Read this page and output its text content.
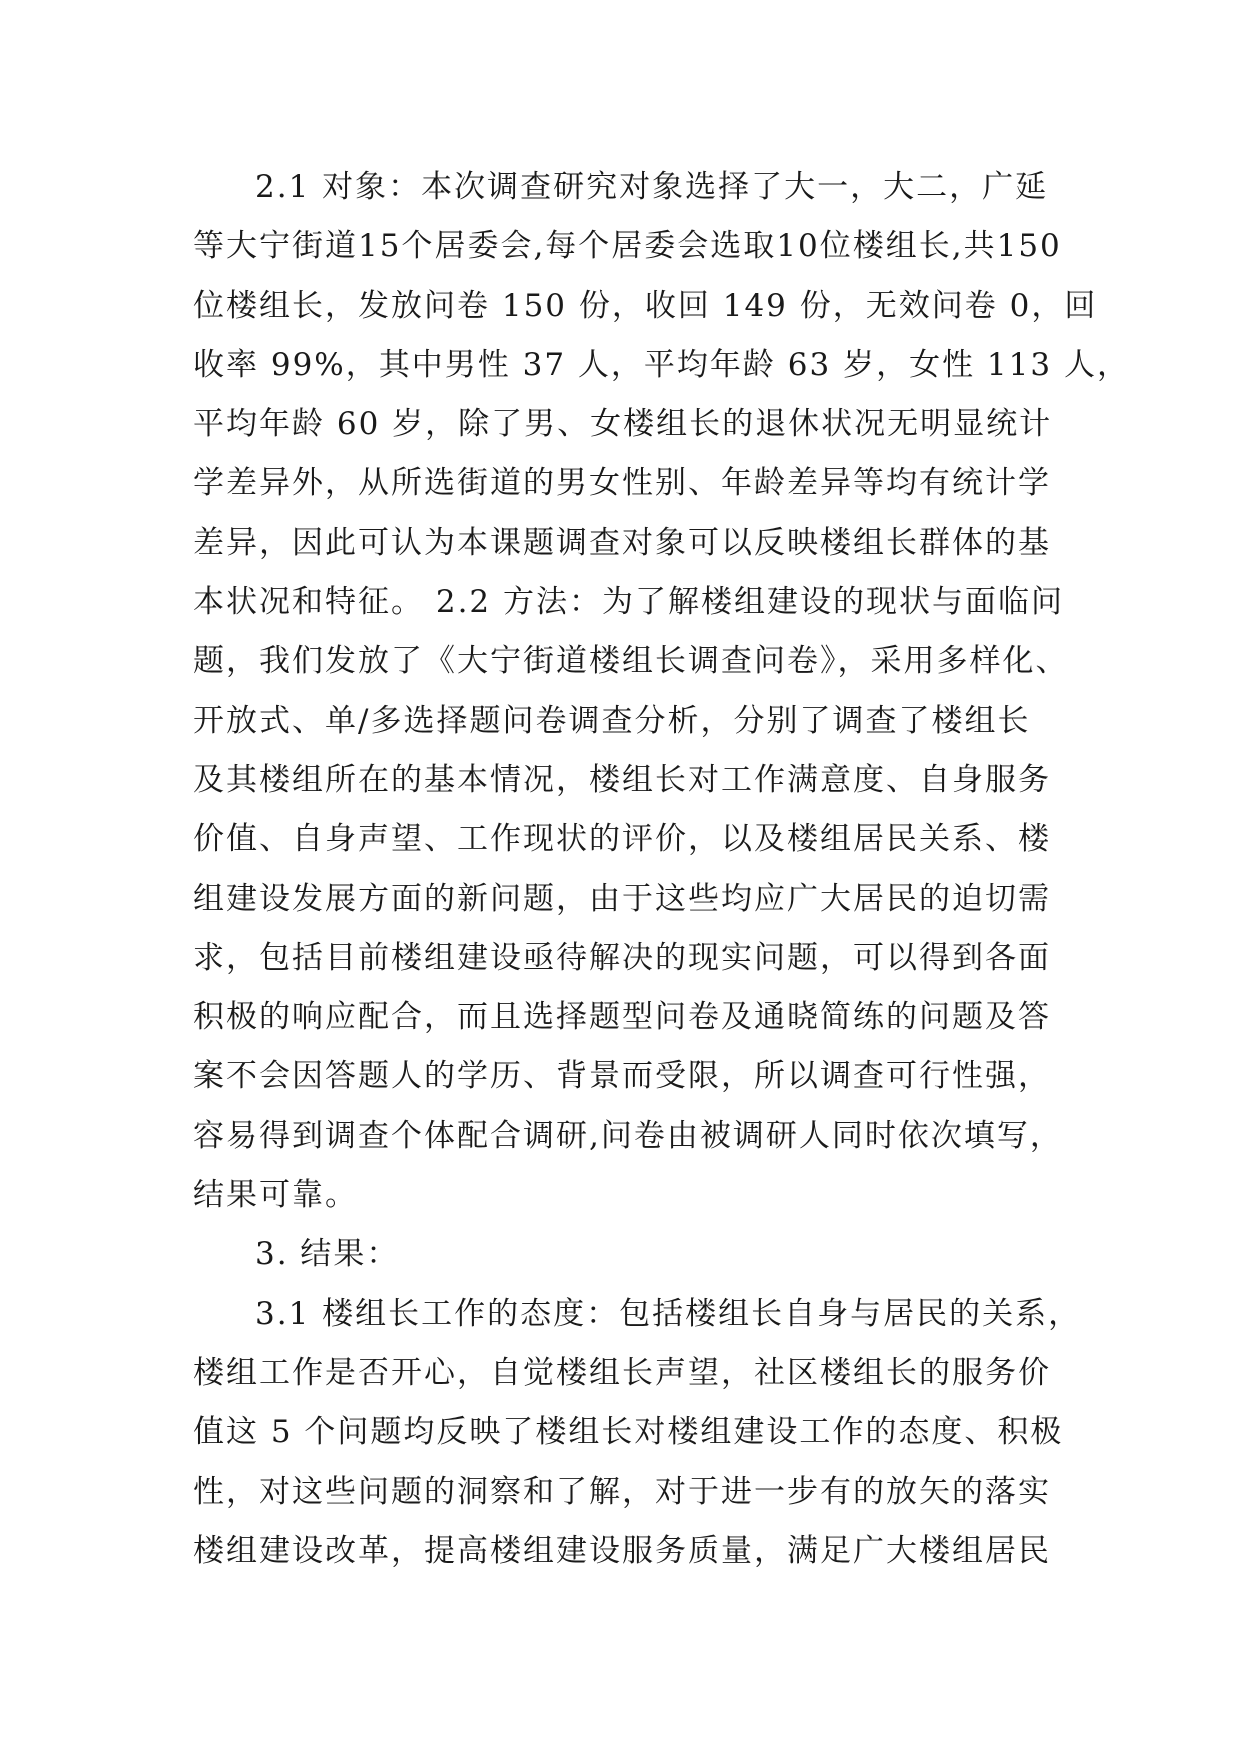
2.1 对象：本次调查研究对象选择了大一，大二，广延
等大宁街道15个居委会,每个居委会选取10位楼组长,共150
位楼组长，发放问卷 150 份，收回 149 份，无效问卷 0，回
收率 99%，其中男性 37 人，平均年龄 63 岁，女性 113 人，
平均年龄 60 岁，除了男、女楼组长的退休状况无明显统计
学差异外，从所选街道的男女性别、年龄差异等均有统计学
差异，因此可认为本课题调查对象可以反映楼组长群体的基
本状况和特征。 2.2 方法：为了解楼组建设的现状与面临问
题，我们发放了《大宁街道楼组长调查问卷》，采用多样化、
开放式、单/多选择题问卷调查分析，分别了调查了楼组长
及其楼组所在的基本情况，楼组长对工作满意度、自身服务
价值、自身声望、工作现状的评价，以及楼组居民关系、楼
组建设发展方面的新问题，由于这些均应广大居民的迫切需
求，包括目前楼组建设亟待解决的现实问题，可以得到各面
积极的响应配合，而且选择题型问卷及通晓简练的问题及答
案不会因答题人的学历、背景而受限，所以调查可行性强，
容易得到调查个体配合调研,问卷由被调研人同时依次填写，
结果可靠。
3. 结果：
3.1 楼组长工作的态度：包括楼组长自身与居民的关系，
楼组工作是否开心，自觉楼组长声望，社区楼组长的服务价
值这 5 个问题均反映了楼组长对楼组建设工作的态度、积极
性，对这些问题的洞察和了解，对于进一步有的放矢的落实
楼组建设改革，提高楼组建设服务质量，满足广大楼组居民
